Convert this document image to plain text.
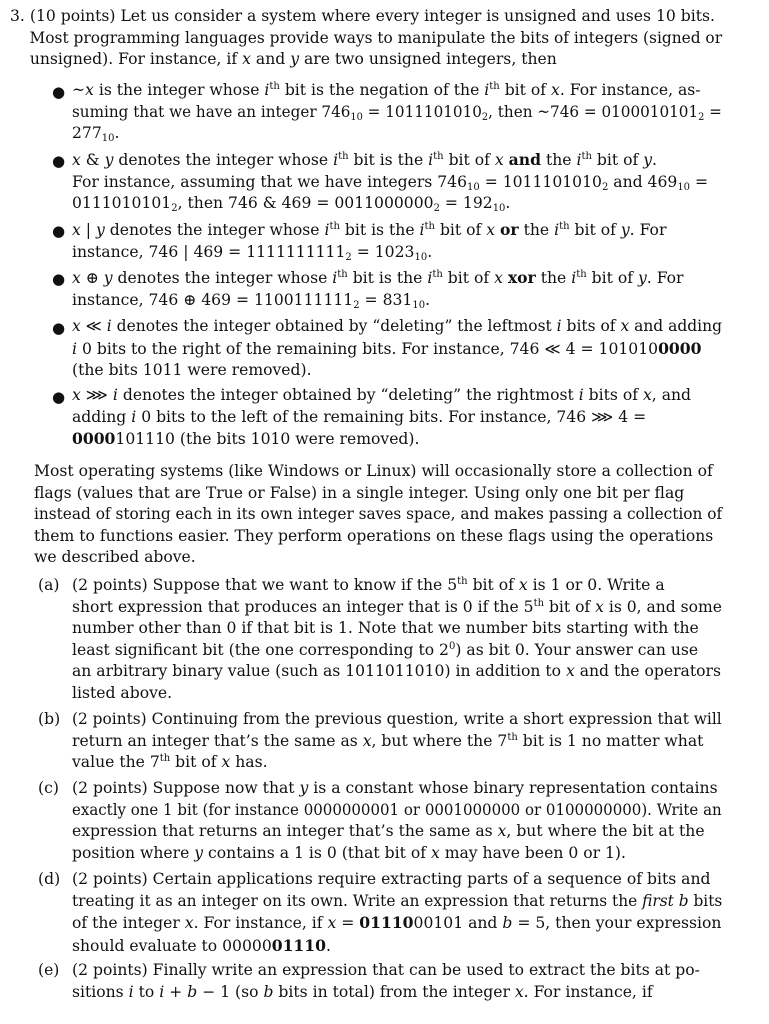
3. (10 points) Let us consider a system where every integer is unsigned and uses 10 bits.
Most programming languages provide ways to manipulate the bits of integers (signed or
unsigned). For instance, if x and y are two unsigned integers, then

● ~x is the integer whose $i^{th}$ bit is the negation of the $i^{th}$ bit of x. For instance, as-
suming that we have an integer $746_{10} = 1011101010_2$, then ~746 = $0100010101_2$ =
$277_{10}$.

● x & y denotes the integer whose $i^{th}$ bit is the $i^{th}$ bit of x and the $i^{th}$ bit of y.
For instance, assuming that we have integers $746_{10} = 1011101010_2$ and $469_{10}$ =
$0111010101_2$, then 746 & $469 = 0011000000_2 = 192_{10}$.

● x | y denotes the integer whose $i^{th}$ bit is the $i^{th}$ bit of x or the $i^{th}$ bit of y. For
instance, 746 | $469 = 1111111111_2 = 1023_{10}$.

● x ⊕ y denotes the integer whose $i^{th}$ bit is the $i^{th}$ bit of x xor the $i^{th}$ bit of y. For
instance, 746 ⊕ $469 = 1100111111_2 = 831_{10}$.

● x ≪ i denotes the integer obtained by “deleting” the leftmost i bits of x and adding
i 0 bits to the right of the remaining bits. For instance, 746 ≪ 4 = 1010100000
(the bits 1011 were removed).

● x ⋙ i denotes the integer obtained by “deleting” the rightmost i bits of x, and
adding i 0 bits to the left of the remaining bits. For instance, 746 ⋙ 4 =
0000101110 (the bits 1010 were removed).

Most operating systems (like Windows or Linux) will occasionally store a collection of
flags (values that are True or False) in a single integer. Using only one bit per flag
instead of storing each in its own integer saves space, and makes passing a collection of
them to functions easier. They perform operations on these flags using the operations
we described above.

(a) (2 points) Suppose that we want to know if the 5th bit of x is 1 or 0. Write a
short expression that produces an integer that is 0 if the 5th bit of x is 0, and some
number other than 0 if that bit is 1. Note that we number bits starting with the
least significant bit (the one corresponding to $2^0$) as bit 0. Your answer can use
an arbitrary binary value (such as 1011011010) in addition to x and the operators
listed above.

(b) (2 points) Continuing from the previous question, write a short expression that will
return an integer that’s the same as x, but where the 7th bit is 1 no matter what
value the 7th bit of x has.

(c) (2 points) Suppose now that y is a constant whose binary representation contains
exactly one 1 bit (for instance 0000000001 or 0001000000 or 0100000000). Write an
expression that returns an integer that’s the same as x, but where the bit at the
position where y contains a 1 is 0 (that bit of x may have been 0 or 1).

(d) (2 points) Certain applications require extracting parts of a sequence of bits and
treating it as an integer on its own. Write an expression that returns the first b bits
of the integer x. For instance, if x = 0111000101 and b = 5, then your expression
should evaluate to 0000001110.

(e) (2 points) Finally write an expression that can be used to extract the bits at po-
sitions i to i + b − 1 (so b bits in total) from the integer x. For instance, if
